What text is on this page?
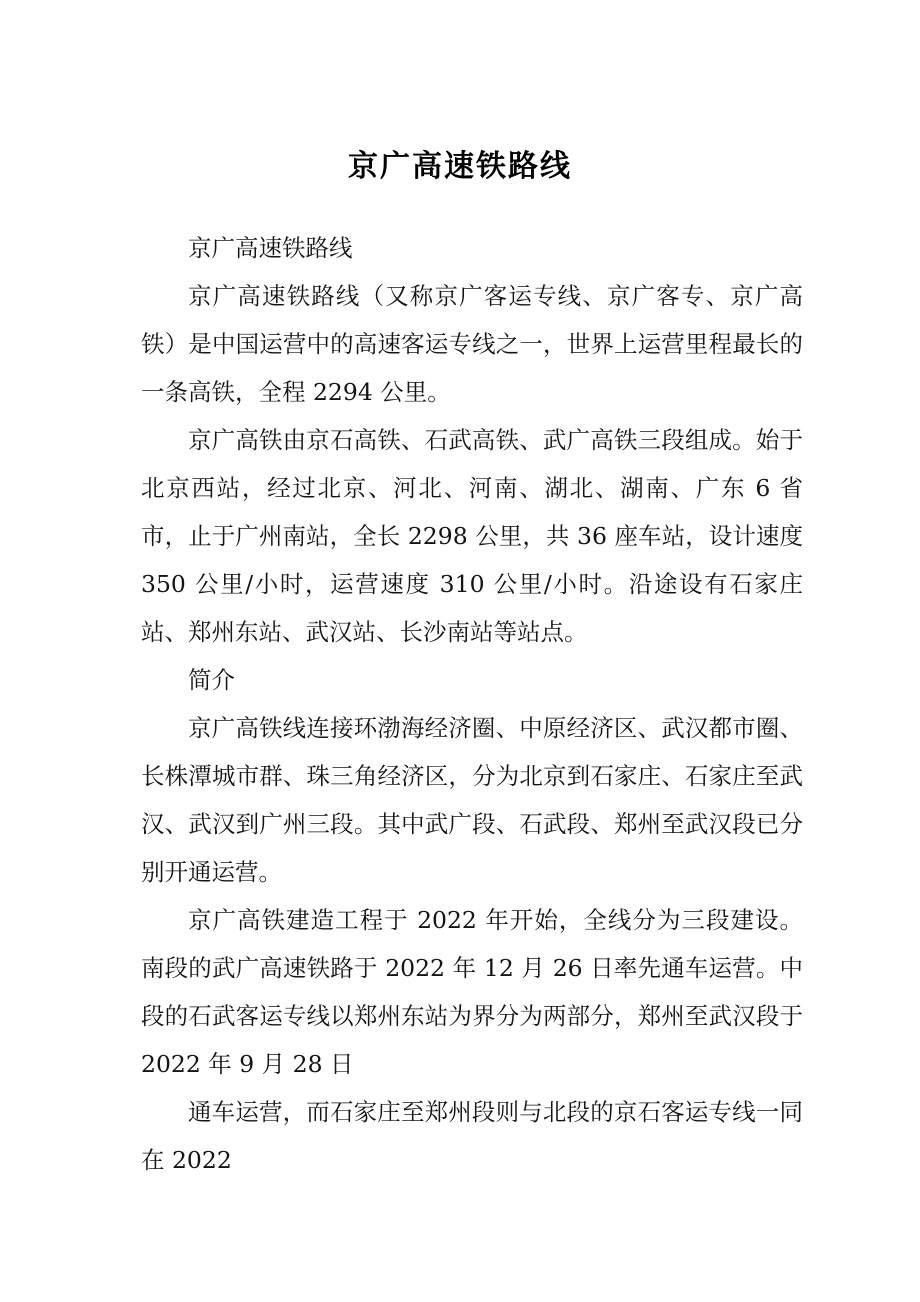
京广高速铁路线

京广高速铁路线

京广高速铁路线（又称京广客运专线、京广客专、京广高铁）是中国运营中的高速客运专线之一，世界上运营里程最长的一条高铁，全程 2294 公里。

京广高铁由京石高铁、石武高铁、武广高铁三段组成。始于北京西站，经过北京、河北、河南、湖北、湖南、广东 6 省市，止于广州南站，全长 2298 公里，共 36 座车站，设计速度 350 公里/小时，运营速度 310 公里/小时。沿途设有石家庄站、郑州东站、武汉站、长沙南站等站点。

简介

京广高铁线连接环渤海经济圈、中原经济区、武汉都市圈、长株潭城市群、珠三角经济区，分为北京到石家庄、石家庄至武汉、武汉到广州三段。其中武广段、石武段、郑州至武汉段已分别开通运营。

京广高铁建造工程于 2022 年开始，全线分为三段建设。南段的武广高速铁路于 2022 年 12 月 26 日率先通车运营。中段的石武客运专线以郑州东站为界分为两部分，郑州至武汉段于 2022 年 9 月 28 日

通车运营，而石家庄至郑州段则与北段的京石客运专线一同在 2022
